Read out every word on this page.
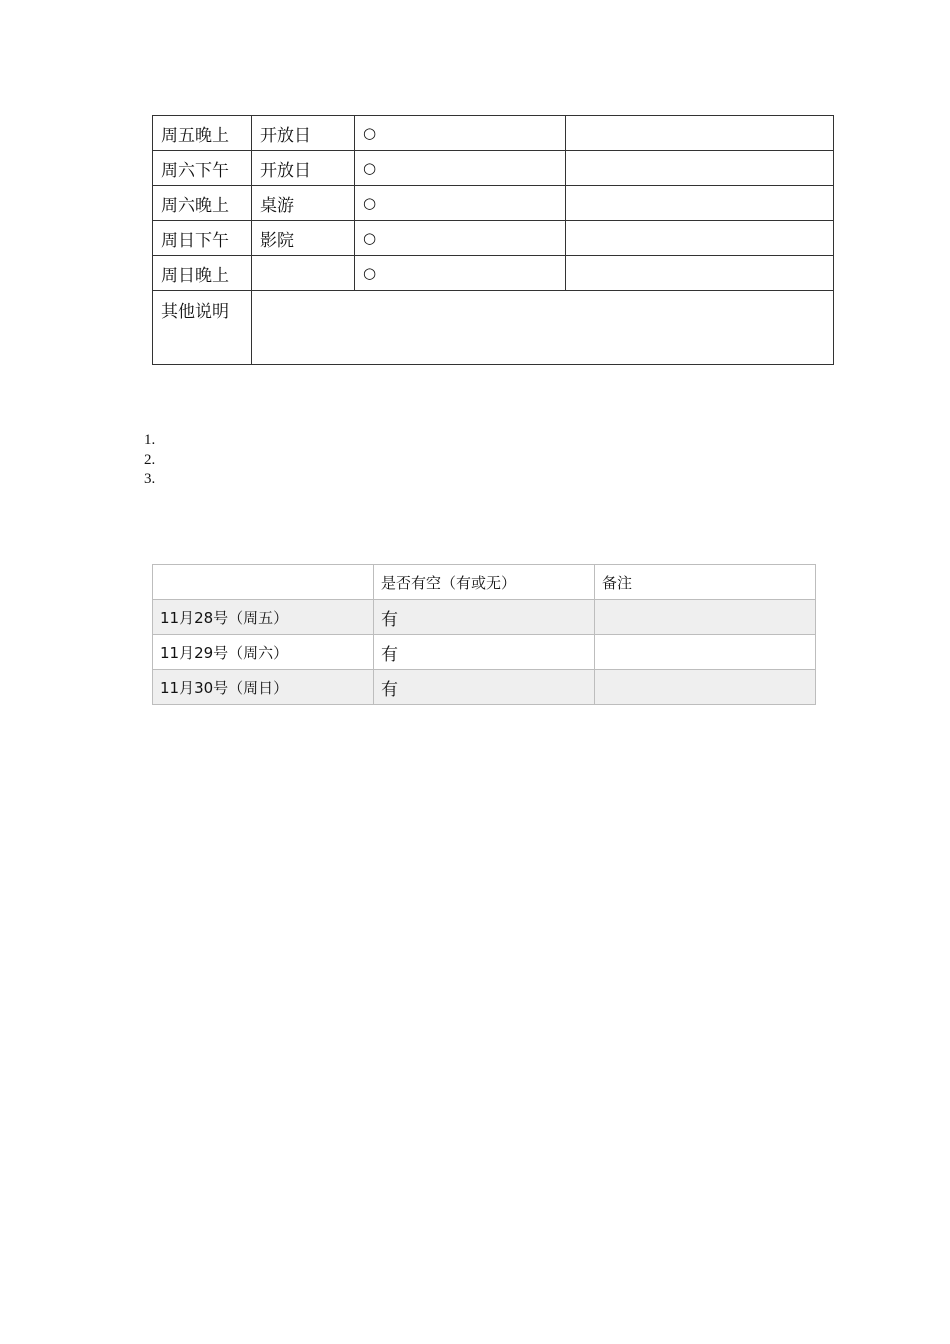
周五晚上	开放日	○	
周六下午	开放日	○	
周六晚上	桌游	○	
周日下午	影院	○	
周日晚上		○	
其他说明			
1.
2.
3.
	是否有空（有或无）	备注
11月28号（周五）	有	
11月29号（周六）	有	
11月30号（周日）	有	
